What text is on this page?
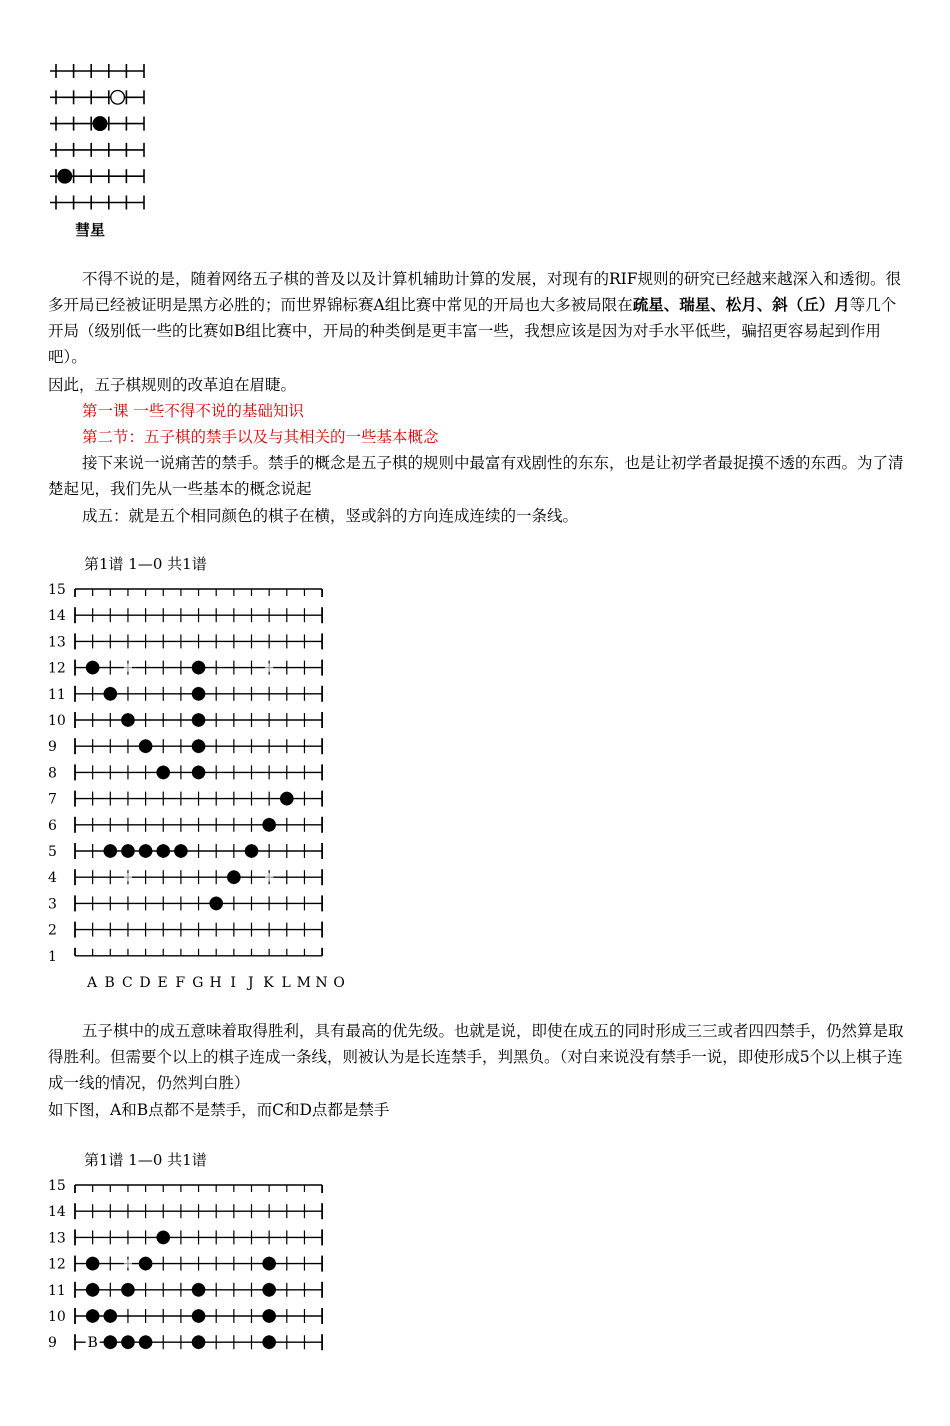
彗星
不得不说的是，随着网络五子棋的普及以及计算机辅助计算的发展，对现有的RIF规则的研究已经越来越深入和透彻。很多开局已经被证明是黑方必胜的；而世界锦标赛A组比赛中常见的开局也大多被局限在疏星、瑞星、松月、斜（丘）月等几个开局（级别低一些的比赛如B组比赛中，开局的种类倒是更丰富一些，我想应该是因为对手水平低些，骗招更容易起到作用吧）。
因此，五子棋规则的改革迫在眉睫。
第一课 一些不得不说的基础知识
第二节：五子棋的禁手以及与其相关的一些基本概念
接下来说一说痛苦的禁手。禁手的概念是五子棋的规则中最富有戏剧性的东东，也是让初学者最捉摸不透的东西。为了清楚起见，我们先从一些基本的概念说起
成五：就是五个相同颜色的棋子在横，竖或斜的方向连成连续的一条线。
第1谱 1—0 共1谱
15
14
13
12
11
10
9
8
7
6
5
4
3
2
1
A B C D E F G H I J K L M N O
五子棋中的成五意味着取得胜利，具有最高的优先级。也就是说，即使在成五的同时形成三三或者四四禁手，仍然算是取得胜利。但需要个以上的棋子连成一条线，则被认为是长连禁手，判黑负。（对白来说没有禁手一说，即使形成5个以上棋子连成一线的情况，仍然判白胜）
如下图，A和B点都不是禁手，而C和D点都是禁手
第1谱 1—0 共1谱
15
14
13
12
11
10
9 B
